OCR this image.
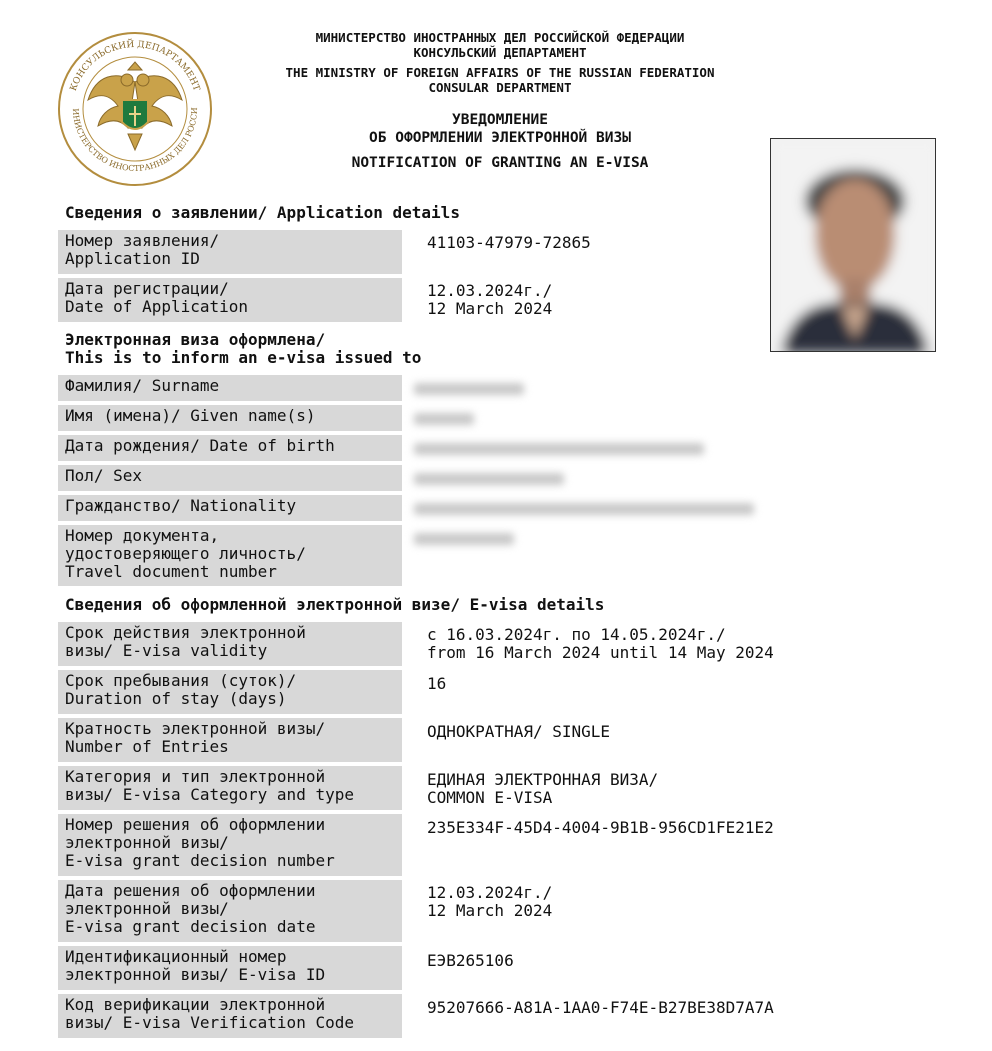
КОНСУЛЬСКИЙ ДЕПАРТАМЕНТ
ИНИСТЕРСТВО ИНОСТРАННЫХ ДЕЛ РОССИ
МИНИСТЕРСТВО ИНОСТРАННЫХ ДЕЛ РОССИЙСКОЙ ФЕДЕРАЦИИ
КОНСУЛЬСКИЙ ДЕПАРТАМЕНТ
THE MINISTRY OF FOREIGN AFFAIRS OF THE RUSSIAN FEDERATION
CONSULAR DEPARTMENT
УВЕДОМЛЕНИЕ
ОБ ОФОРМЛЕНИИ ЭЛЕКТРОННОЙ ВИЗЫ
NOTIFICATION OF GRANTING AN E-VISA
Сведения о заявлении/ Application details
Номер заявления/
Application ID
41103-47979-72865
Дата регистрации/
Date of Application
12.03.2024г./
12 March 2024
Электронная виза оформлена/
This is to inform an e-visa issued to
Фамилия/ Surname
Имя (имена)/ Given name(s)
Дата рождения/ Date of birth
Пол/ Sex
Гражданство/ Nationality
Номер документа,
удостоверяющего личность/
Travel document number
Сведения об оформленной электронной визе/ E-visa details
Срок действия электронной
визы/ E-visa validity
с 16.03.2024г. по 14.05.2024г./
from 16 March 2024 until 14 May 2024
Срок пребывания (суток)/
Duration of stay (days)
16
Кратность электронной визы/
Number of Entries
ОДНОКРАТНАЯ/ SINGLE
Категория и тип электронной
визы/ E-visa Category and type
ЕДИНАЯ ЭЛЕКТРОННАЯ ВИЗА/
COMMON E-VISA
Номер решения об оформлении
электронной визы/
E-visa grant decision number
235E334F-45D4-4004-9B1B-956CD1FE21E2
Дата решения об оформлении
электронной визы/
E-visa grant decision date
12.03.2024г./
12 March 2024
Идентификационный номер
электронной визы/ E-visa ID
ЕЭВ265106
Код верификации электронной
визы/ E-visa Verification Code
95207666-A81A-1AA0-F74E-B27BE38D7A7A
